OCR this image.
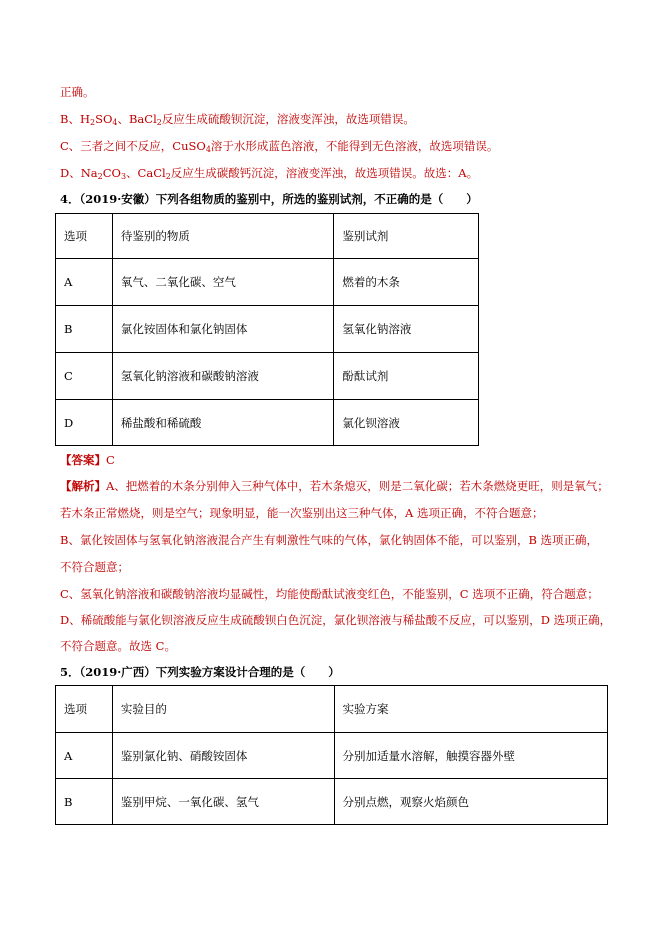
正确。
B、$H_2SO_4$、BaCl$_2$反应生成硫酸钡沉淀，溶液变浑浊，故选项错误。
C、三者之间不反应，CuSO$_4$溶于水形成蓝色溶液，不能得到无色溶液，故选项错误。
D、$Na_2CO_3$、CaCl$_2$反应生成碳酸钙沉淀，溶液变浑浊，故选项错误。故选：A。
4．（2019·安徽）下列各组物质的鉴别中，所选的鉴别试剂，不正确的是（　　）
选项	待鉴别的物质	鉴别试剂
A	氧气、二氧化碳、空气	燃着的木条
B	氯化铵固体和氯化钠固体	氢氧化钠溶液
C	氢氧化钠溶液和碳酸钠溶液	酚酞试剂
D	稀盐酸和稀硫酸	氯化钡溶液
【答案】C
【解析】A、把燃着的木条分别伸入三种气体中，若木条熄灭，则是二氧化碳；若木条燃烧更旺，则是氧气；
若木条正常燃烧，则是空气；现象明显，能一次鉴别出这三种气体，A 选项正确，不符合题意；
B、氯化铵固体与氢氧化钠溶液混合产生有刺激性气味的气体，氯化钠固体不能，可以鉴别，B 选项正确，
不符合题意；
C、氢氧化钠溶液和碳酸钠溶液均显碱性，均能使酚酞试液变红色，不能鉴别，C 选项不正确，符合题意；
D、稀硫酸能与氯化钡溶液反应生成硫酸钡白色沉淀，氯化钡溶液与稀盐酸不反应，可以鉴别，D 选项正确，
不符合题意。故选 C。
5．（2019·广西）下列实验方案设计合理的是（　　）
选项	实验目的	实验方案
A	鉴别氯化钠、硝酸铵固体	分别加适量水溶解，触摸容器外壁
B	鉴别甲烷、一氧化碳、氢气	分别点燃，观察火焰颜色
